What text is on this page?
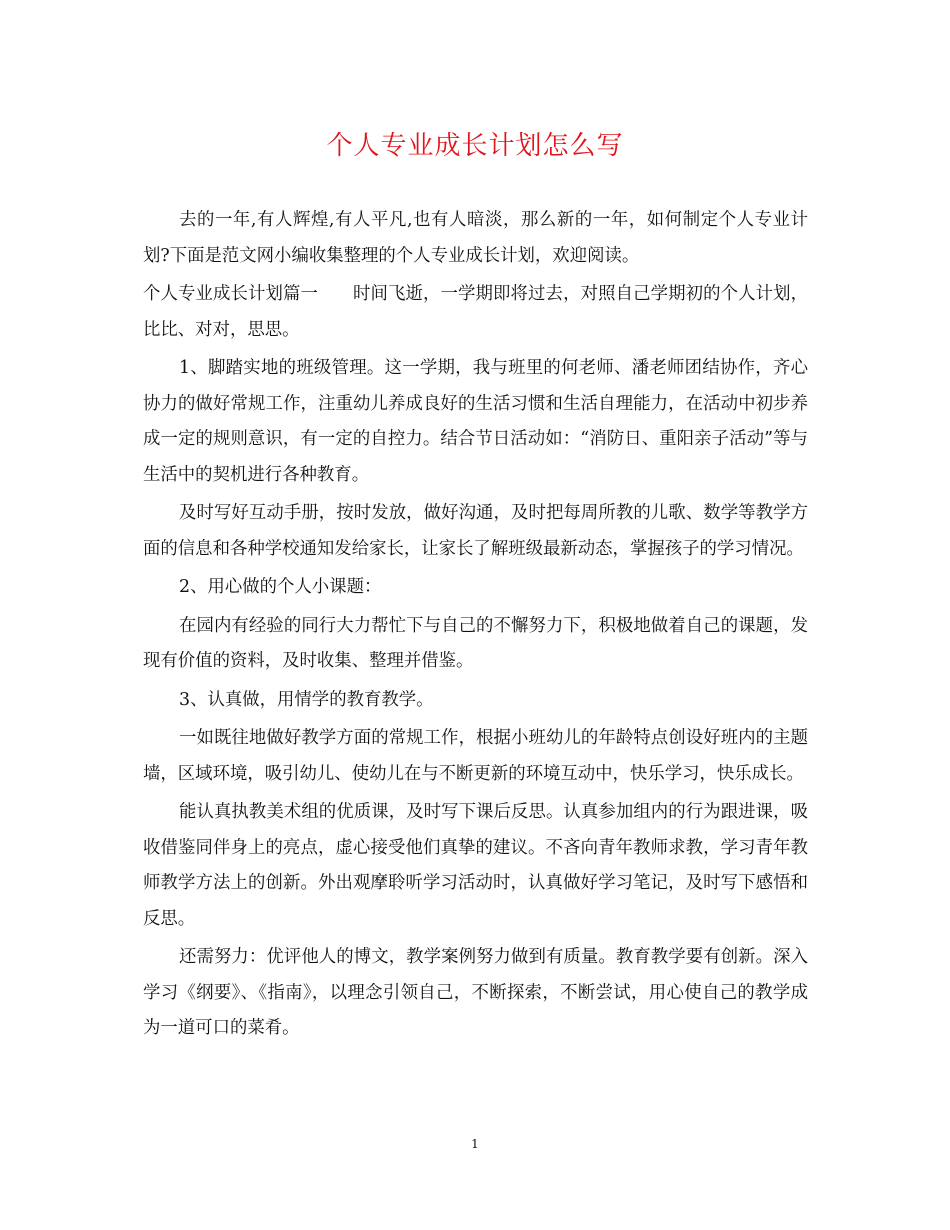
个人专业成长计划怎么写

去的一年,有人辉煌,有人平凡,也有人暗淡，那么新的一年，如何制定个人专业计划?下面是范文网小编收集整理的个人专业成长计划，欢迎阅读。

个人专业成长计划篇一　　时间飞逝，一学期即将过去，对照自己学期初的个人计划，比比、对对，思思。

1、脚踏实地的班级管理。这一学期，我与班里的何老师、潘老师团结协作，齐心协力的做好常规工作，注重幼儿养成良好的生活习惯和生活自理能力，在活动中初步养成一定的规则意识，有一定的自控力。结合节日活动如：“消防日、重阳亲子活动”等与生活中的契机进行各种教育。

及时写好互动手册，按时发放，做好沟通，及时把每周所教的儿歌、数学等教学方面的信息和各种学校通知发给家长，让家长了解班级最新动态，掌握孩子的学习情况。

2、用心做的个人小课题：

在园内有经验的同行大力帮忙下与自己的不懈努力下，积极地做着自己的课题，发现有价值的资料，及时收集、整理并借鉴。

3、认真做，用情学的教育教学。

一如既往地做好教学方面的常规工作，根据小班幼儿的年龄特点创设好班内的主题墙，区域环境，吸引幼儿、使幼儿在与不断更新的环境互动中，快乐学习，快乐成长。

能认真执教美术组的优质课，及时写下课后反思。认真参加组内的行为跟进课，吸收借鉴同伴身上的亮点，虚心接受他们真挚的建议。不吝向青年教师求教，学习青年教师教学方法上的创新。外出观摩聆听学习活动时，认真做好学习笔记，及时写下感悟和反思。

还需努力：优评他人的博文，教学案例努力做到有质量。教育教学要有创新。深入学习《纲要》、《指南》，以理念引领自己，不断探索，不断尝试，用心使自己的教学成为一道可口的菜肴。

1
